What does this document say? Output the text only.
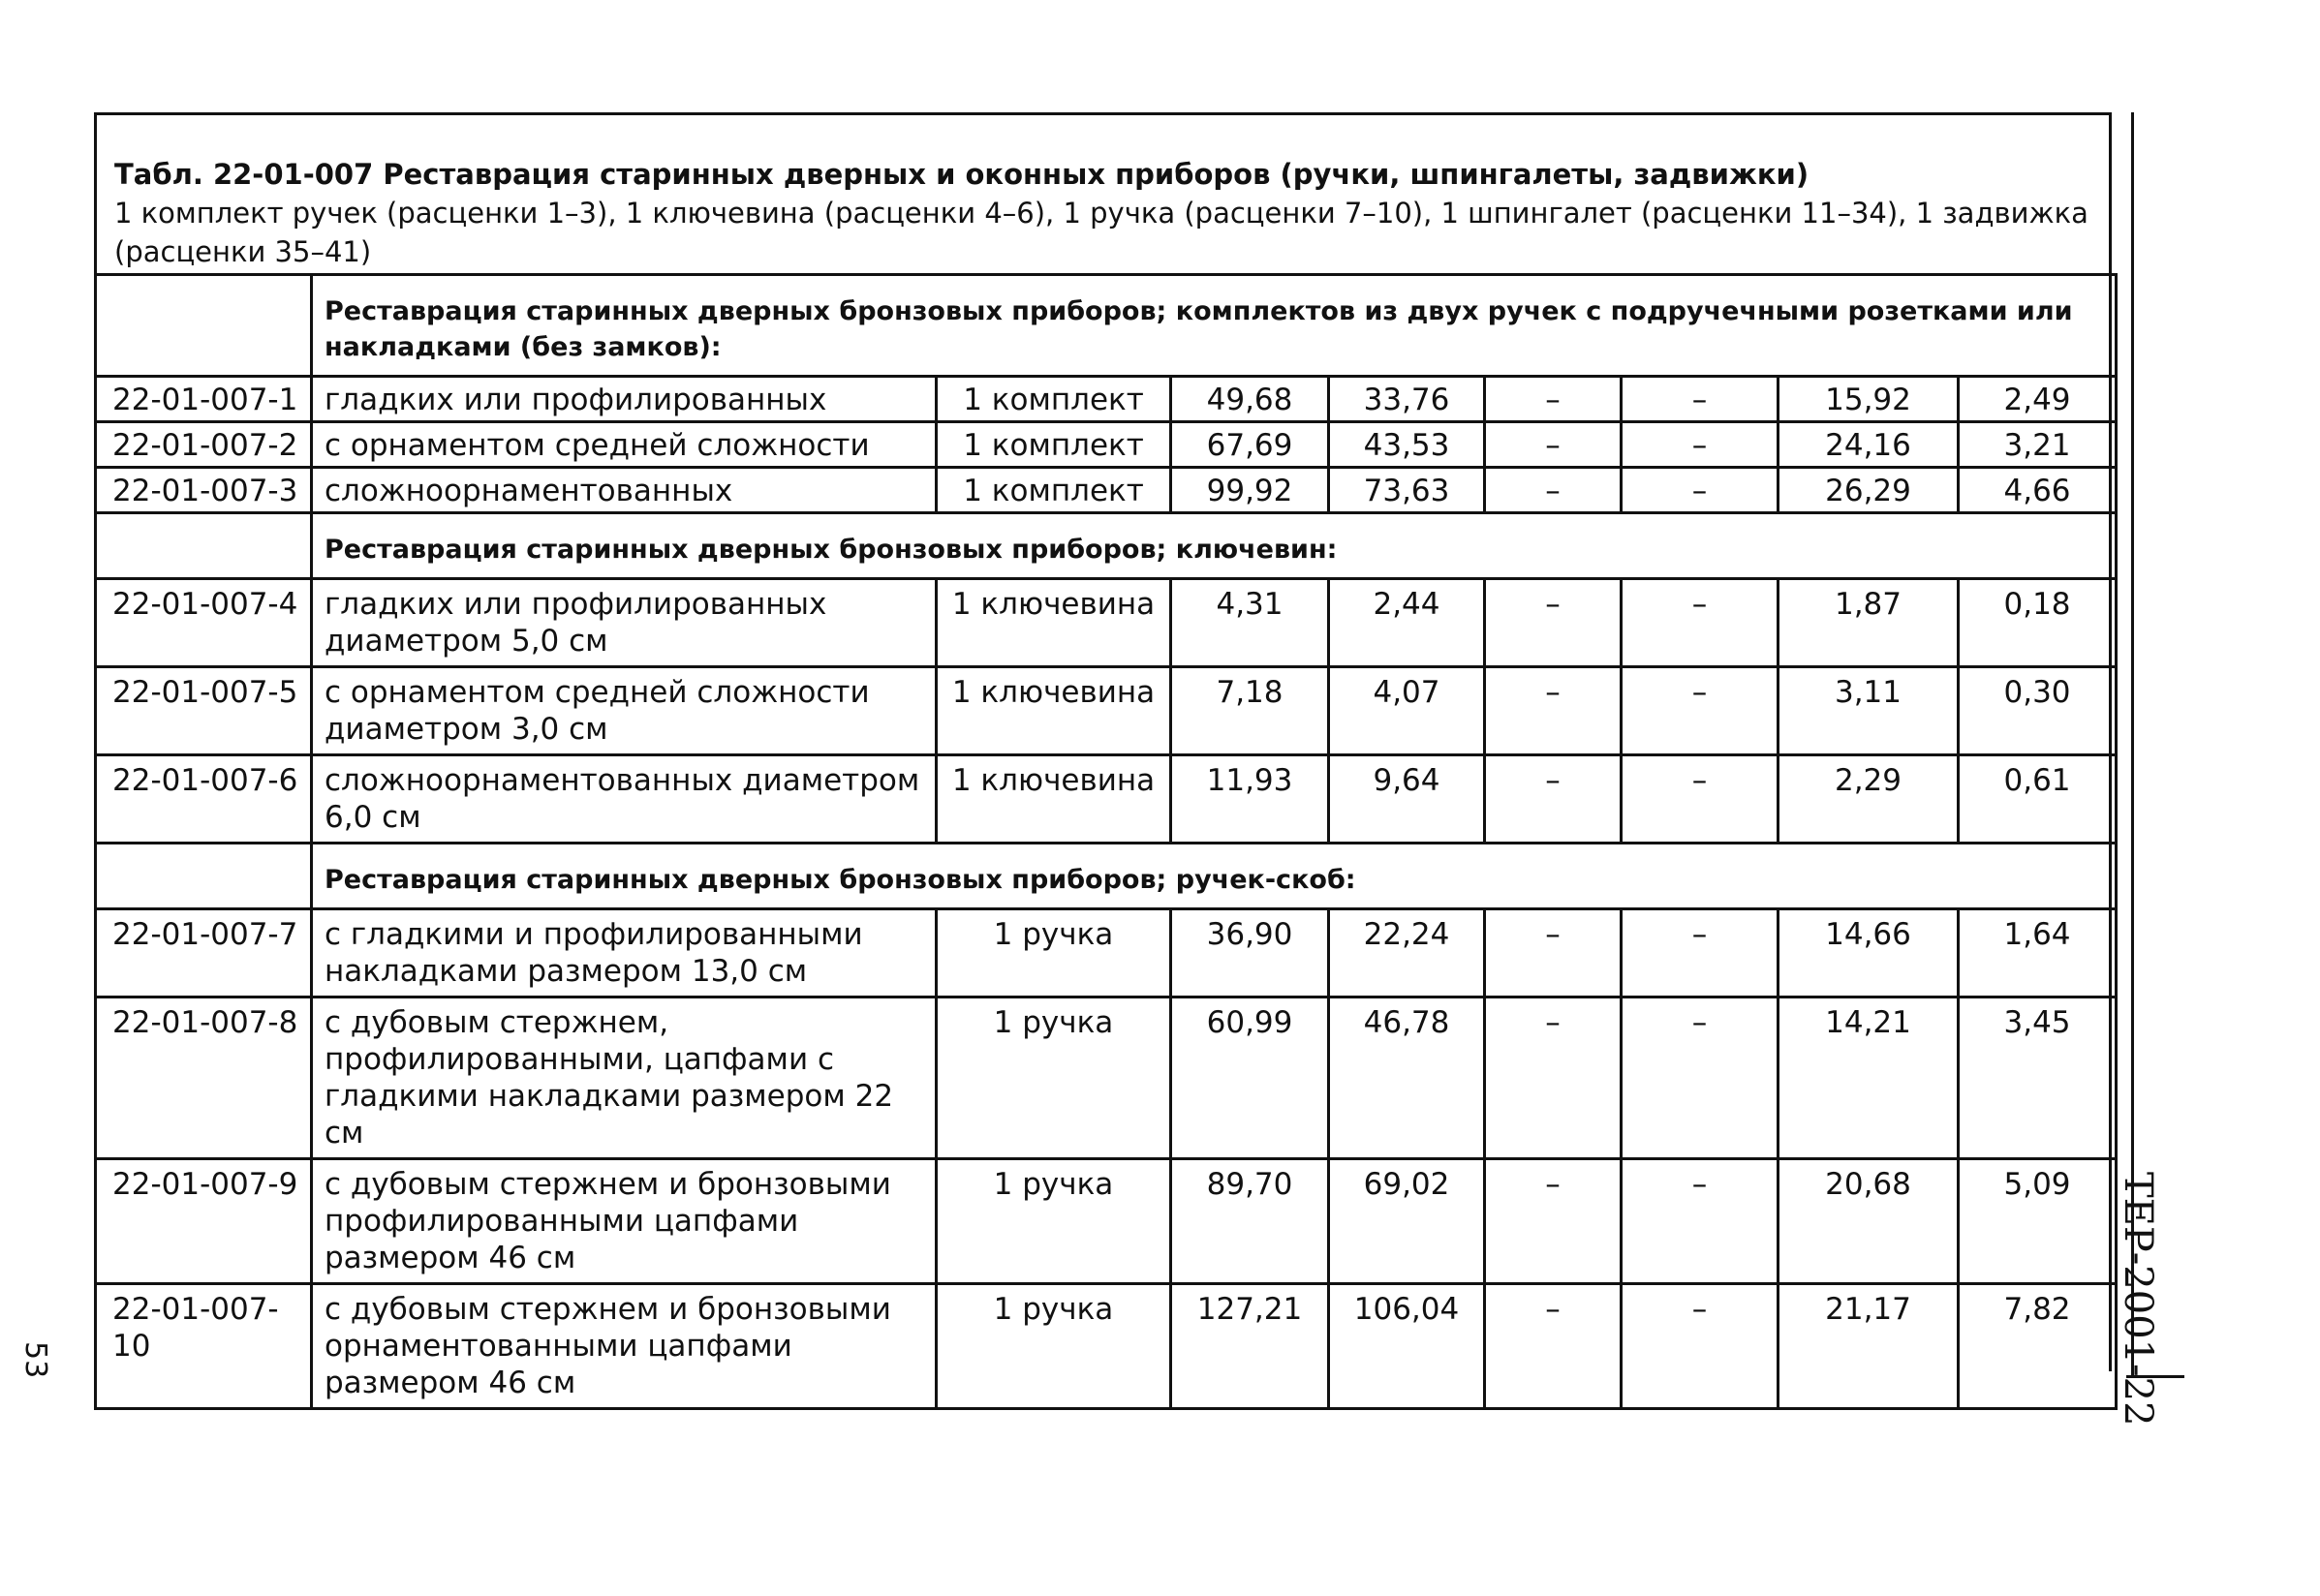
Табл. 22-01-007 Реставрация старинных дверных и оконных приборов (ручки, шпингалеты, задвижки)
1 комплект ручек (расценки 1–3), 1 ключевина (расценки 4–6), 1 ручка (расценки 7–10), 1 шпингалет (расценки 11–34), 1 задвижка (расценки 35–41)
	Реставрация старинных дверных бронзовых приборов; комплектов из двух ручек с подручечными розетками или накладками (без замков):							
22-01-007-1	гладких или профилированных	1 комплект	49,68	33,76	–	–	15,92	2,49
22-01-007-2	с орнаментом средней сложности	1 комплект	67,69	43,53	–	–	24,16	3,21
22-01-007-3	сложноорнаментованных	1 комплект	99,92	73,63	–	–	26,29	4,66
	Реставрация старинных дверных бронзовых приборов; ключевин:							
22-01-007-4	гладких или профилированных диаметром 5,0 см	1 ключевина	4,31	2,44	–	–	1,87	0,18
22-01-007-5	с орнаментом средней сложности диаметром 3,0 см	1 ключевина	7,18	4,07	–	–	3,11	0,30
22-01-007-6	сложноорнаментованных диаметром 6,0 см	1 ключевина	11,93	9,64	–	–	2,29	0,61
	Реставрация старинных дверных бронзовых приборов; ручек-скоб:							
22-01-007-7	с гладкими и профилированными накладками размером 13,0 см	1 ручка	36,90	22,24	–	–	14,66	1,64
22-01-007-8	с дубовым стержнем, профилированными, цапфами с гладкими накладками размером 22 см	1 ручка	60,99	46,78	–	–	14,21	3,45
22-01-007-9	с дубовым стержнем и бронзовыми профилированными цапфами размером 46 см	1 ручка	89,70	69,02	–	–	20,68	5,09
22-01-007-10	с дубовым стержнем и бронзовыми орнаментованными цапфами размером 46 см	1 ручка	127,21	106,04	–	–	21,17	7,82 ТЕР-2001-22
53
